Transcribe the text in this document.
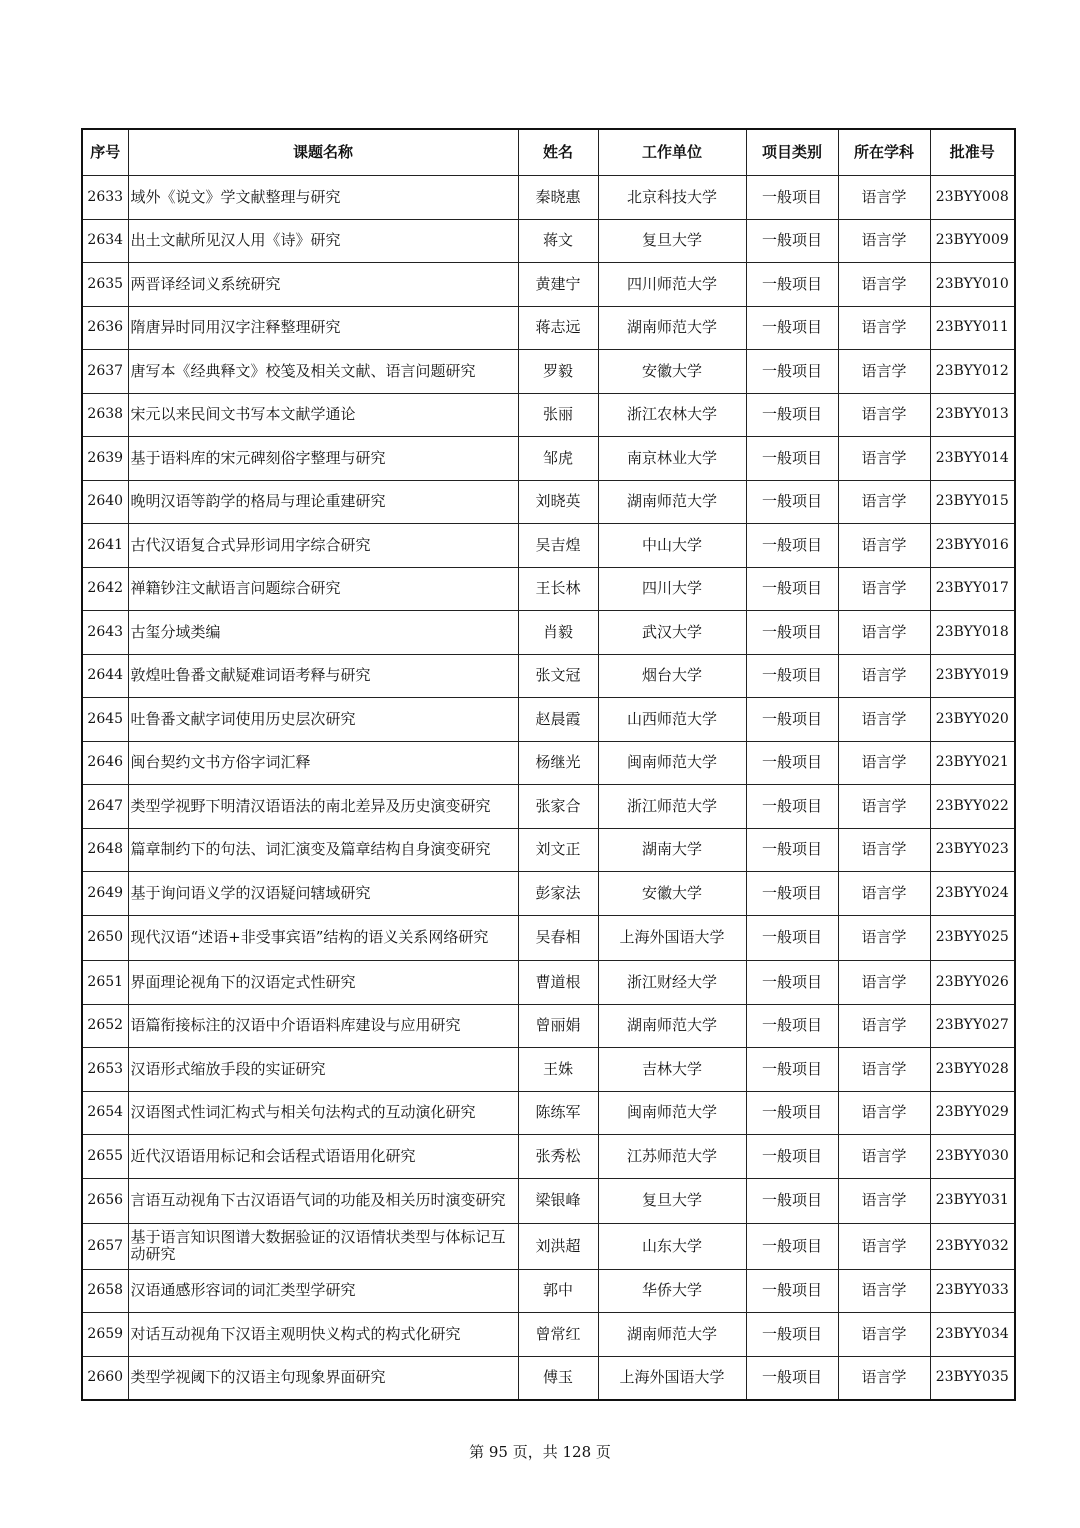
序号	课题名称	姓名	工作单位	项目类别	所在学科	批准号
2633	域外《说文》学文献整理与研究	秦晓惠	北京科技大学	一般项目	语言学	23BYY008
2634	出土文献所见汉人用《诗》研究	蒋文	复旦大学	一般项目	语言学	23BYY009
2635	两晋译经词义系统研究	黄建宁	四川师范大学	一般项目	语言学	23BYY010
2636	隋唐异时同用汉字注释整理研究	蒋志远	湖南师范大学	一般项目	语言学	23BYY011
2637	唐写本《经典释文》校笺及相关文献、语言问题研究	罗毅	安徽大学	一般项目	语言学	23BYY012
2638	宋元以来民间文书写本文献学通论	张丽	浙江农林大学	一般项目	语言学	23BYY013
2639	基于语料库的宋元碑刻俗字整理与研究	邹虎	南京林业大学	一般项目	语言学	23BYY014
2640	晚明汉语等韵学的格局与理论重建研究	刘晓英	湖南师范大学	一般项目	语言学	23BYY015
2641	古代汉语复合式异形词用字综合研究	吴吉煌	中山大学	一般项目	语言学	23BYY016
2642	禅籍钞注文献语言问题综合研究	王长林	四川大学	一般项目	语言学	23BYY017
2643	古玺分域类编	肖毅	武汉大学	一般项目	语言学	23BYY018
2644	敦煌吐鲁番文献疑难词语考释与研究	张文冠	烟台大学	一般项目	语言学	23BYY019
2645	吐鲁番文献字词使用历史层次研究	赵晨霞	山西师范大学	一般项目	语言学	23BYY020
2646	闽台契约文书方俗字词汇释	杨继光	闽南师范大学	一般项目	语言学	23BYY021
2647	类型学视野下明清汉语语法的南北差异及历史演变研究	张家合	浙江师范大学	一般项目	语言学	23BYY022
2648	篇章制约下的句法、词汇演变及篇章结构自身演变研究	刘文正	湖南大学	一般项目	语言学	23BYY023
2649	基于询问语义学的汉语疑问辖域研究	彭家法	安徽大学	一般项目	语言学	23BYY024
2650	现代汉语“述语+非受事宾语”结构的语义关系网络研究	吴春相	上海外国语大学	一般项目	语言学	23BYY025
2651	界面理论视角下的汉语定式性研究	曹道根	浙江财经大学	一般项目	语言学	23BYY026
2652	语篇衔接标注的汉语中介语语料库建设与应用研究	曾丽娟	湖南师范大学	一般项目	语言学	23BYY027
2653	汉语形式缩放手段的实证研究	王姝	吉林大学	一般项目	语言学	23BYY028
2654	汉语图式性词汇构式与相关句法构式的互动演化研究	陈练军	闽南师范大学	一般项目	语言学	23BYY029
2655	近代汉语语用标记和会话程式语语用化研究	张秀松	江苏师范大学	一般项目	语言学	23BYY030
2656	言语互动视角下古汉语语气词的功能及相关历时演变研究	梁银峰	复旦大学	一般项目	语言学	23BYY031
2657	基于语言知识图谱大数据验证的汉语情状类型与体标记互动研究	刘洪超	山东大学	一般项目	语言学	23BYY032
2658	汉语通感形容词的词汇类型学研究	郭中	华侨大学	一般项目	语言学	23BYY033
2659	对话互动视角下汉语主观明快义构式的构式化研究	曾常红	湖南师范大学	一般项目	语言学	23BYY034
2660	类型学视阈下的汉语主句现象界面研究	傅玉	上海外国语大学	一般项目	语言学	23BYY035
第 95 页，共 128 页
